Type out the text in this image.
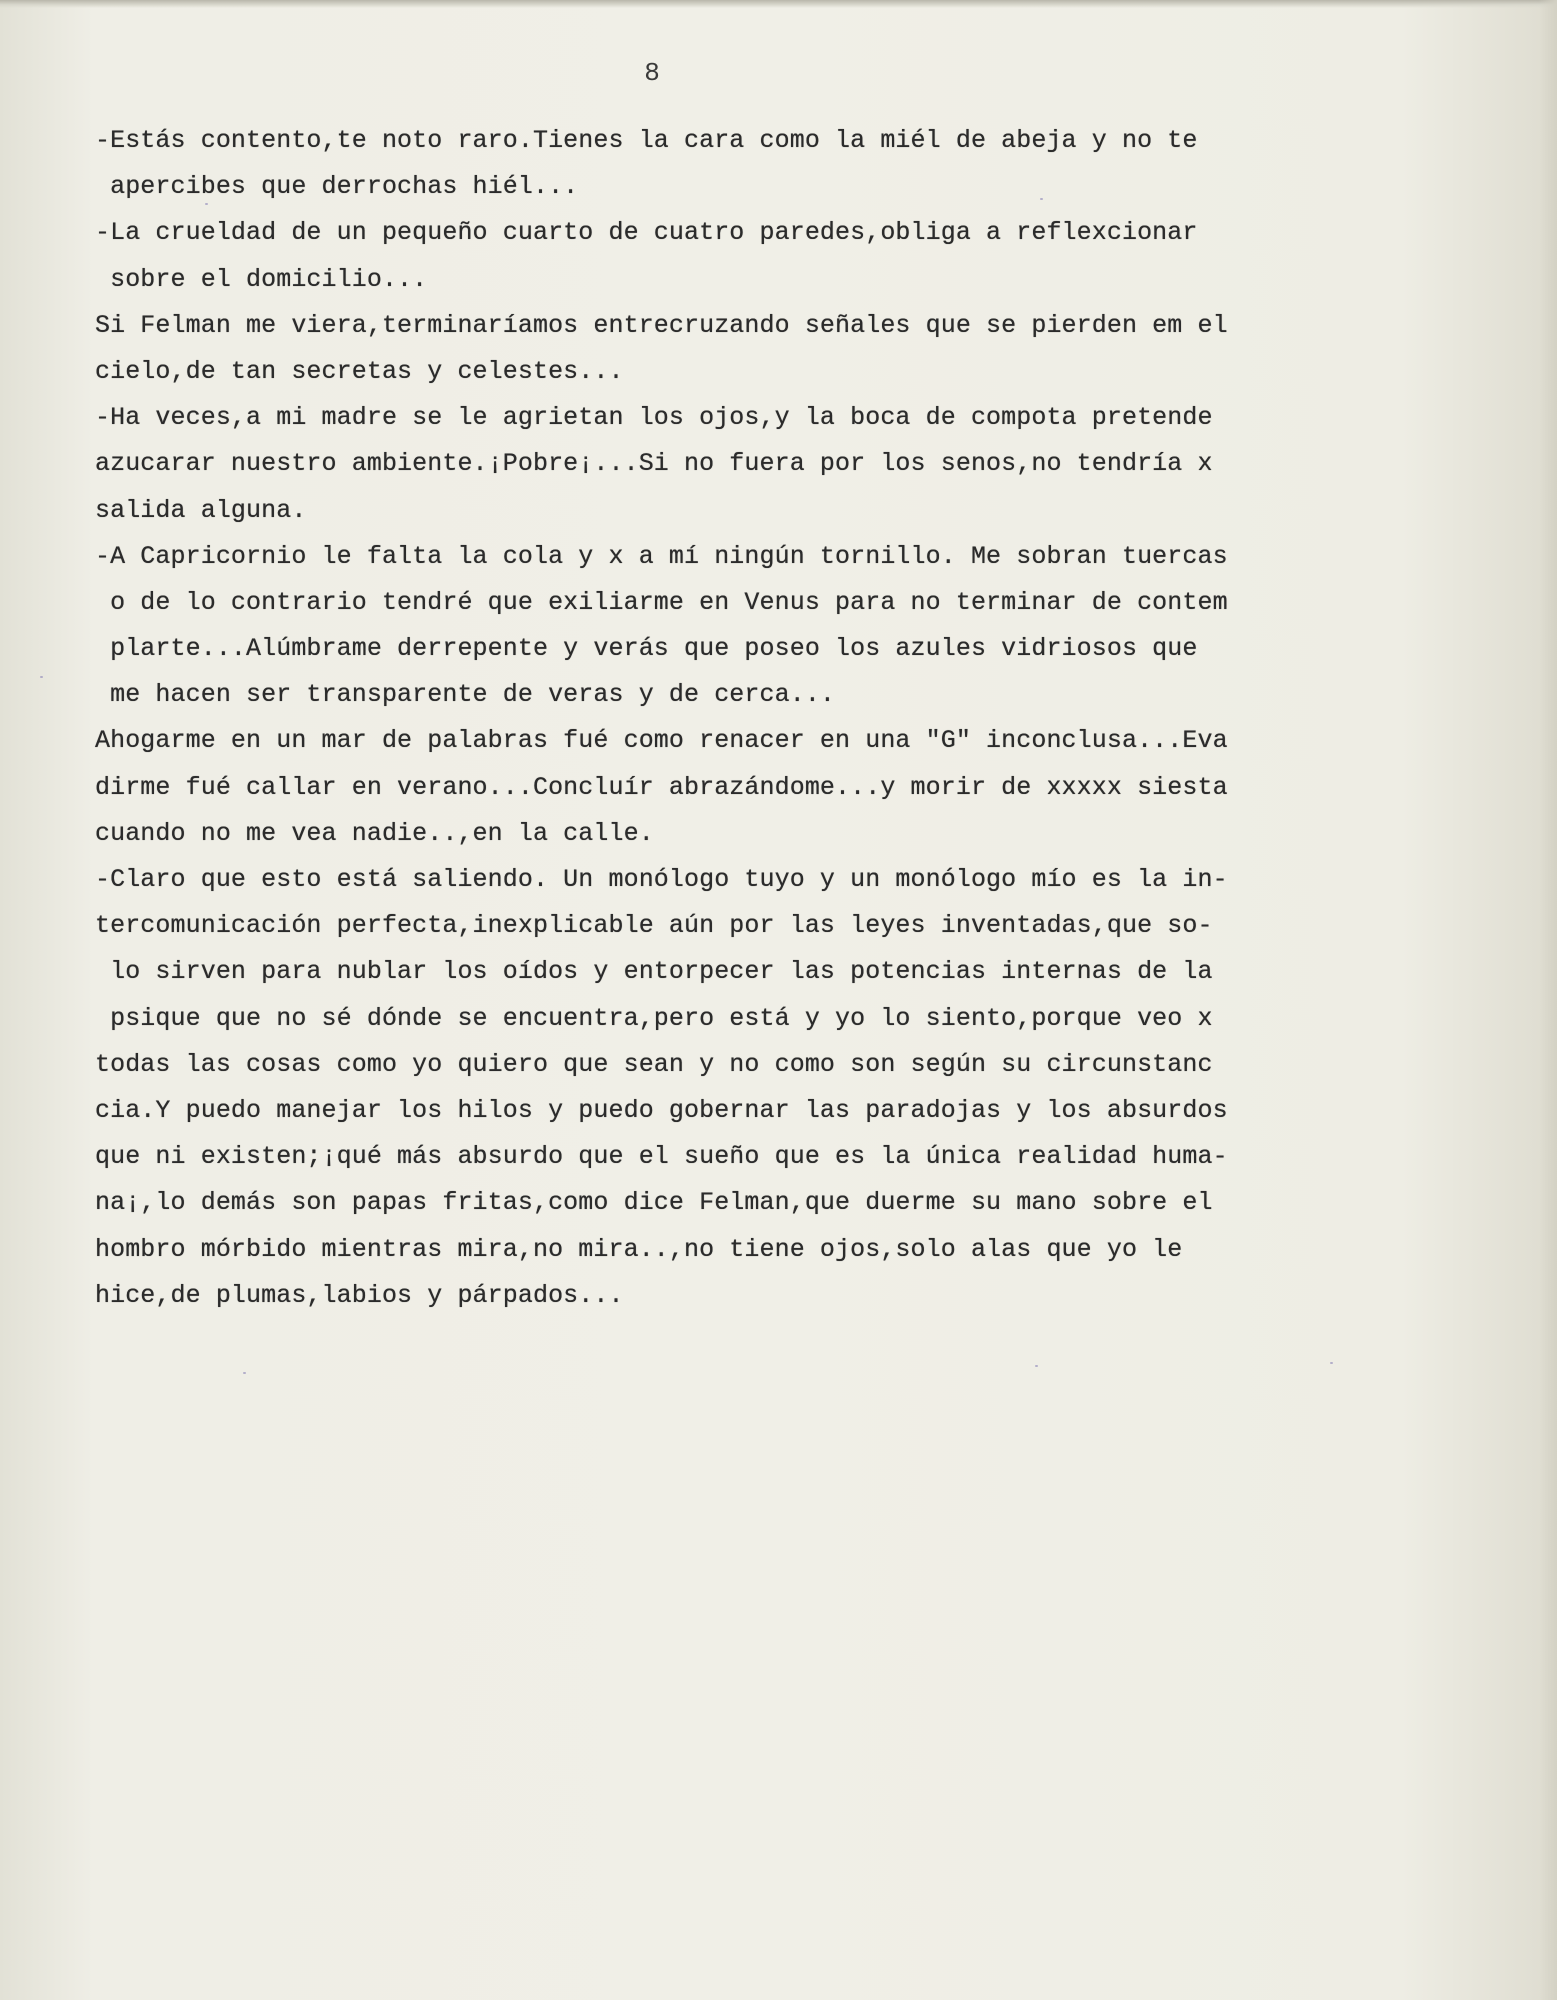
8
-Estás contento,te noto raro.Tienes la cara como la miél de abeja y no te
apercibes que derrochas hiél...
-La crueldad de un pequeño cuarto de cuatro paredes,obliga a reflexcionar
sobre el domicilio...
Si Felman me viera,terminaríamos entrecruzando señales que se pierden em el
cielo,de tan secretas y celestes...
-Ha veces,a mi madre se le agrietan los ojos,y la boca de compota pretende
azucarar nuestro ambiente.¡Pobre¡...Si no fuera por los senos,no tendría x
salida alguna.
-A Capricornio le falta la cola y x a mí ningún tornillo. Me sobran tuercas
o de lo contrario tendré que exiliarme en Venus para no terminar de contem
plarte...Alúmbrame derrepente y verás que poseo los azules vidriosos que
me hacen ser transparente de veras y de cerca...
Ahogarme en un mar de palabras fué como renacer en una "G" inconclusa...Eva
dirme fué callar en verano...Concluír abrazándome...y morir de xxxxx siesta
cuando no me vea nadie..,en la calle.
-Claro que esto está saliendo. Un monólogo tuyo y un monólogo mío es la in-
tercomunicación perfecta,inexplicable aún por las leyes inventadas,que so-
lo sirven para nublar los oídos y entorpecer las potencias internas de la
psique que no sé dónde se encuentra,pero está y yo lo siento,porque veo x
todas las cosas como yo quiero que sean y no como son según su circunstanc
cia.Y puedo manejar los hilos y puedo gobernar las paradojas y los absurdos
que ni existen;¡qué más absurdo que el sueño que es la única realidad huma-
na¡,lo demás son papas fritas,como dice Felman,que duerme su mano sobre el
hombro mórbido mientras mira,no mira..,no tiene ojos,solo alas que yo le
hice,de plumas,labios y párpados...
